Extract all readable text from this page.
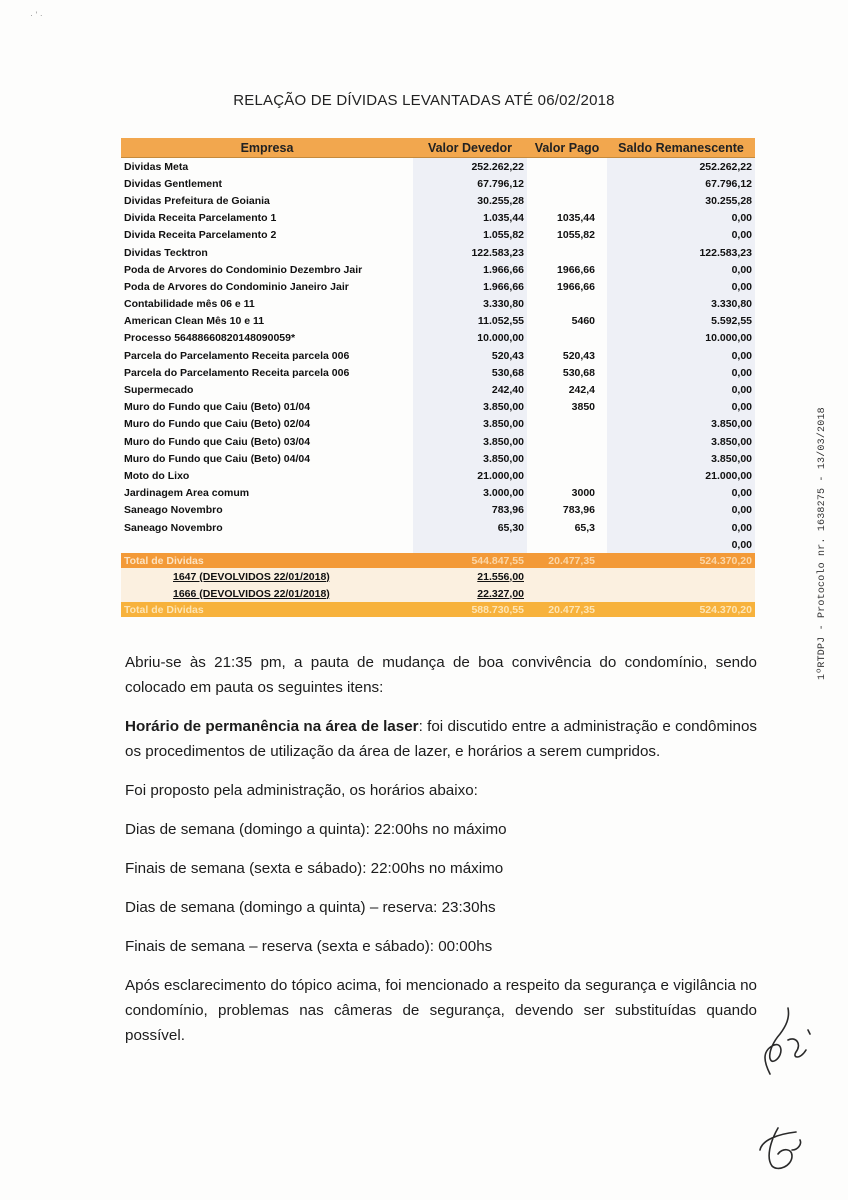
· ' ·
RELAÇÃO DE DÍVIDAS LEVANTADAS ATÉ 06/02/2018
Empresa	Valor Devedor	Valor Pago	Saldo Remanescente
Dividas Meta	252.262,22		252.262,22
Dividas Gentlement	67.796,12		67.796,12
Dividas Prefeitura de Goiania	30.255,28		30.255,28
Divida Receita Parcelamento 1	1.035,44	1035,44	0,00
Divida Receita Parcelamento 2	1.055,82	1055,82	0,00
Dividas Tecktron	122.583,23		122.583,23
Poda de Arvores do Condominio Dezembro Jair	1.966,66	1966,66	0,00
Poda de Arvores do Condominio Janeiro Jair	1.966,66	1966,66	0,00
Contabilidade mês 06 e 11	3.330,80		3.330,80
American Clean Mês 10 e 11	11.052,55	5460	5.592,55
Processo 56488660820148090059*	10.000,00		10.000,00
Parcela do Parcelamento Receita parcela 006	520,43	520,43	0,00
Parcela do Parcelamento Receita parcela 006	530,68	530,68	0,00
Supermecado	242,40	242,4	0,00
Muro do Fundo que Caiu (Beto) 01/04	3.850,00	3850	0,00
Muro do Fundo que Caiu (Beto) 02/04	3.850,00		3.850,00
Muro do Fundo que Caiu (Beto) 03/04	3.850,00		3.850,00
Muro do Fundo que Caiu (Beto) 04/04	3.850,00		3.850,00
Moto do Lixo	21.000,00		21.000,00
Jardinagem Area comum	3.000,00	3000	0,00
Saneago Novembro	783,96	783,96	0,00
Saneago Novembro	65,30	65,3	0,00
			0,00
Total de Dividas	544.847,55	20.477,35	524.370,20
1647 (DEVOLVIDOS 22/01/2018)	21.556,00		
1666 (DEVOLVIDOS 22/01/2018)	22.327,00		
Total de Dividas	588.730,55	20.477,35	524.370,20

Abriu-se às 21:35 pm, a pauta de mudança de boa convivência do condomínio, sendo colocado em pauta os seguintes itens:

Horário de permanência na área de laser: foi discutido entre a administração e condôminos os procedimentos de utilização da área de lazer, e horários a serem cumpridos.

Foi proposto pela administração, os horários abaixo:

Dias de semana (domingo a quinta): 22:00hs no máximo

Finais de semana (sexta e sábado): 22:00hs no máximo

Dias de semana (domingo a quinta) – reserva: 23:30hs

Finais de semana – reserva (sexta e sábado): 00:00hs

Após esclarecimento do tópico acima, foi mencionado a respeito da segurança e vigilância no condomínio, problemas nas câmeras de segurança, devendo ser substituídas quando possível.

1ºRTDPJ - Protocolo nr. 1638275 - 13/03/2018
